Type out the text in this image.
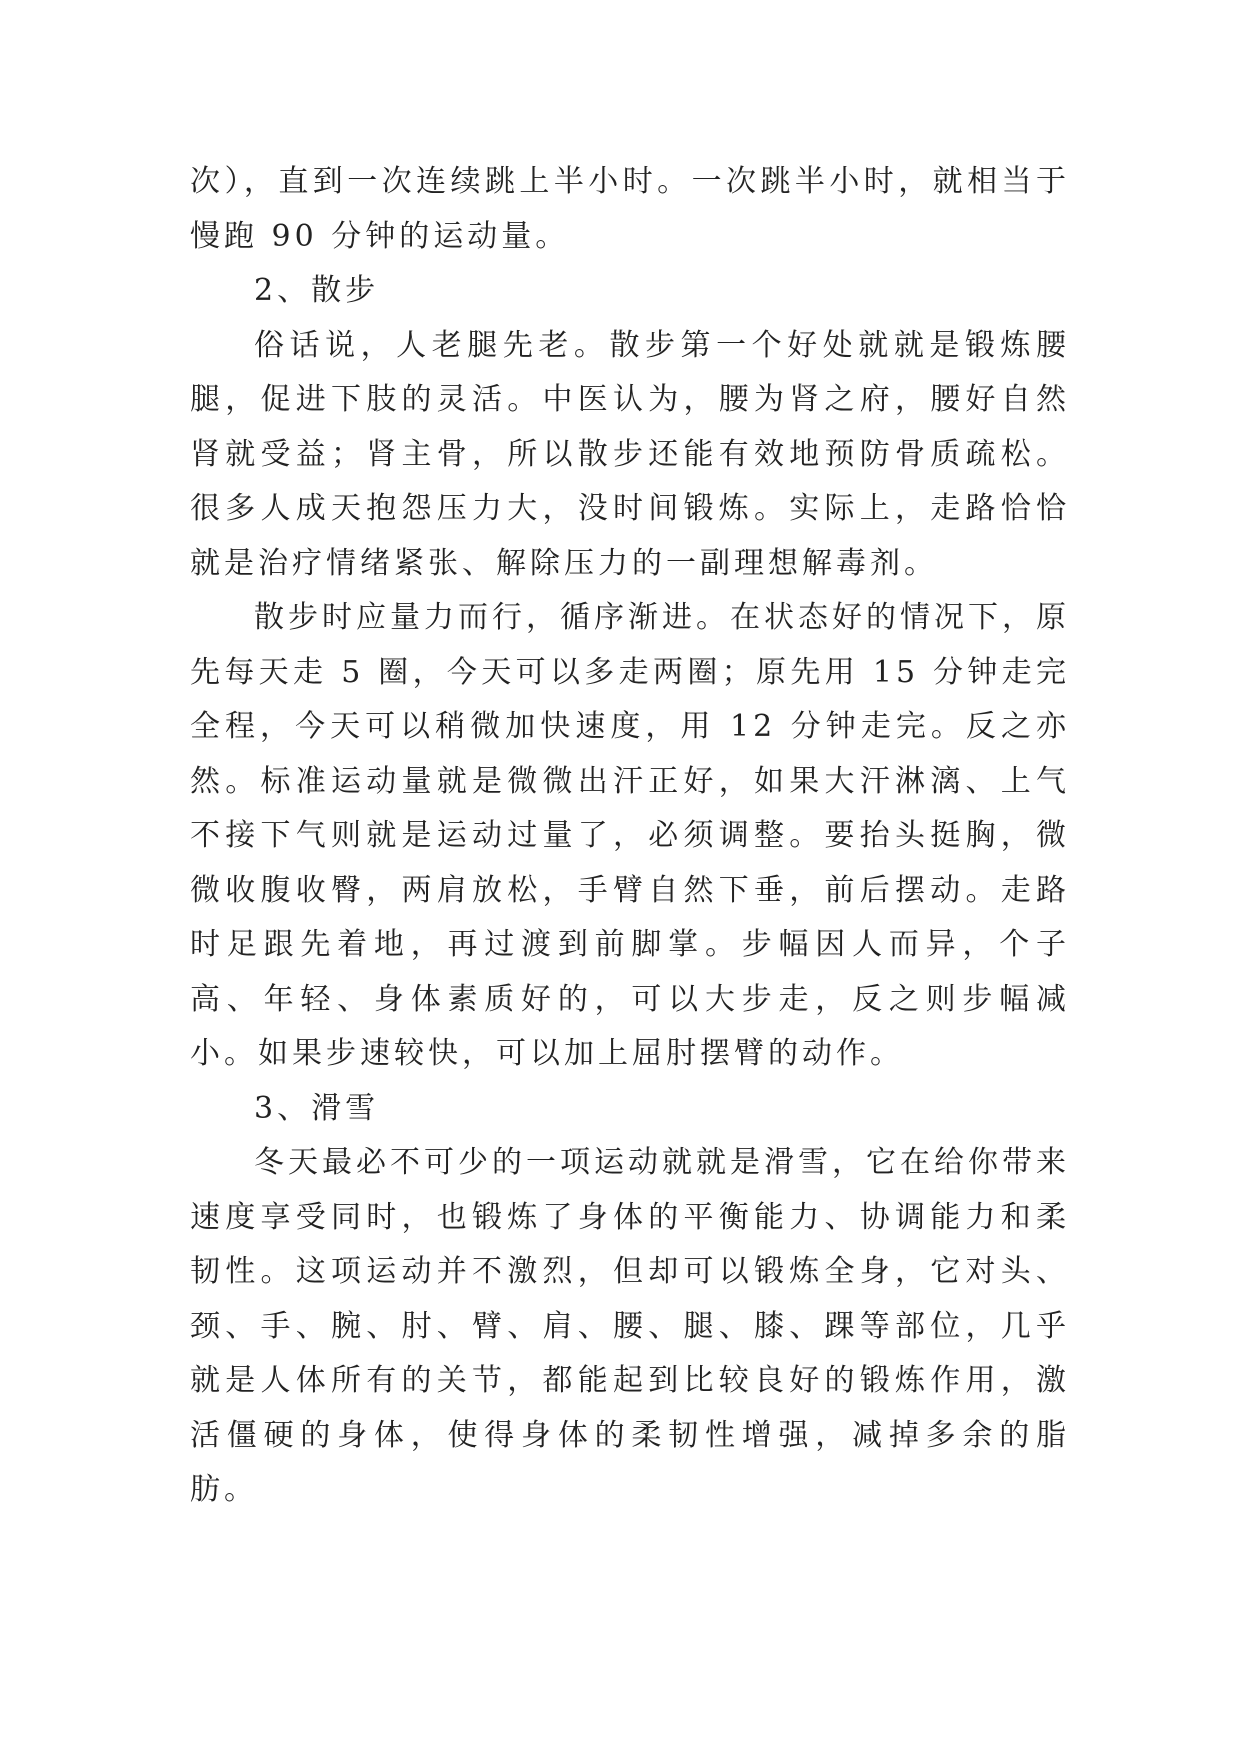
次），直到一次连续跳上半小时。一次跳半小时，就相当于慢跑 90 分钟的运动量。

2、散步

俗话说，人老腿先老。散步第一个好处就就是锻炼腰腿，促进下肢的灵活。中医认为，腰为肾之府，腰好自然肾就受益；肾主骨，所以散步还能有效地预防骨质疏松。很多人成天抱怨压力大，没时间锻炼。实际上，走路恰恰就是治疗情绪紧张、解除压力的一副理想解毒剂。

散步时应量力而行，循序渐进。在状态好的情况下，原先每天走 5 圈，今天可以多走两圈；原先用 15 分钟走完全程，今天可以稍微加快速度，用 12 分钟走完。反之亦然。标准运动量就是微微出汗正好，如果大汗淋漓、上气不接下气则就是运动过量了，必须调整。要抬头挺胸，微微收腹收臀，两肩放松，手臂自然下垂，前后摆动。走路时足跟先着地，再过渡到前脚掌。步幅因人而异，个子高、年轻、身体素质好的，可以大步走，反之则步幅减小。如果步速较快，可以加上屈肘摆臂的动作。

3、滑雪

冬天最必不可少的一项运动就就是滑雪，它在给你带来速度享受同时，也锻炼了身体的平衡能力、协调能力和柔韧性。这项运动并不激烈，但却可以锻炼全身，它对头、颈、手、腕、肘、臂、肩、腰、腿、膝、踝等部位，几乎就是人体所有的关节，都能起到比较良好的锻炼作用，激活僵硬的身体，使得身体的柔韧性增强，减掉多余的脂肪。
